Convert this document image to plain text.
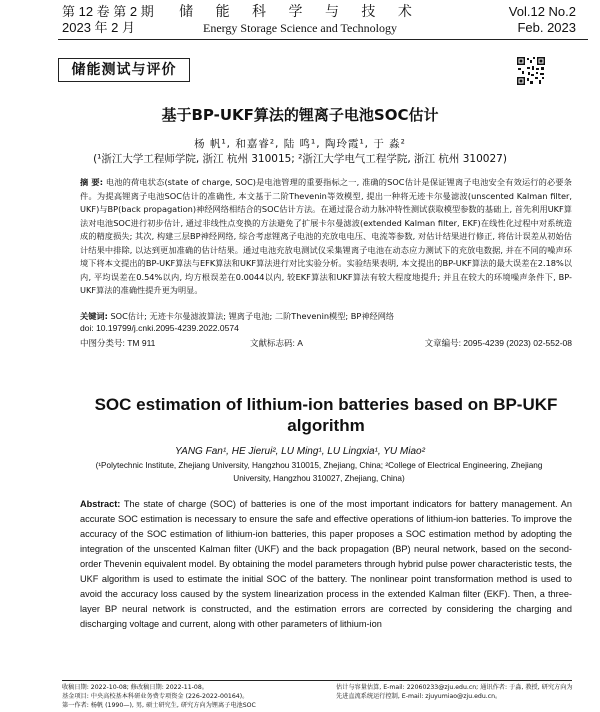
第 12 卷 第 2 期
2023 年 2 月
储 能 科 学 与 技 术
Energy Storage Science and Technology
Vol.12 No.2
Feb. 2023
储能测试与评价
基于BP-UKF算法的锂离子电池SOC估计
杨 帆¹, 和嘉睿², 陆 鸣¹, 陶玲霞¹, 于 淼²
(¹浙江大学工程师学院, 浙江 杭州 310015; ²浙江大学电气工程学院, 浙江 杭州 310027)
摘 要: 电池的荷电状态(state of charge, SOC)是电池管理的重要指标之一, 准确的SOC估计是保证锂离子电池安全有效运行的必要条件。为提高锂离子电池SOC估计的准确性, 本文基于二阶Thevenin等效模型, 提出一种将无迹卡尔曼滤波(unscented Kalman filter, UKF)与BP(back propagation)神经网络相结合的SOC估计方法。在通过混合动力脉冲特性测试获取模型参数的基础上, 首先利用UKF算法对电池SOC进行初步估计, 通过非线性点变换的方法避免了扩展卡尔曼滤波(extended Kalman filter, EKF)在线性化过程中对系统造成的精度损失; 其次, 构建三层BP神经网络, 综合考虑锂离子电池的充放电电压、电流等参数, 对估计结果进行修正, 将估计误差从初始估计结果中排除, 以达到更加准确的估计结果。通过电池充放电测试仪采集锂离子电池在动态应力测试下的充放电数据, 并在不同的噪声环境下将本文提出的BP-UKF算法与EFK算法和UKF算法进行对比实验分析。实验结果表明, 本文提出的BP-UKF算法的最大误差在2.18%以内, 平均误差在0.54%以内, 均方根误差在0.0044以内, 较EKF算法和UKF算法有较大程度地提升; 并且在较大的环境噪声条件下, BP-UKF算法的准确性提升更为明显。
关键词: SOC估计; 无迹卡尔曼滤波算法; 锂离子电池; 二阶Thevenin模型; BP神经网络
doi: 10.19799/j.cnki.2095-4239.2022.0574
中图分类号: TM 911	文献标志码: A	文章编号: 2095-4239 (2023) 02-552-08
SOC estimation of lithium-ion batteries based on BP-UKF algorithm
YANG Fan¹, HE Jierui², LU Ming¹, LU Lingxia¹, YU Miao²
(¹Polytechnic Institute, Zhejiang University, Hangzhou 310015, Zhejiang, China; ²College of Electrical Engineering, Zhejiang University, Hangzhou 310027, Zhejiang, China)
Abstract: The state of charge (SOC) of batteries is one of the most important indicators for battery management. An accurate SOC estimation is necessary to ensure the safe and effective operations of lithium-ion batteries. To improve the accuracy of the SOC estimation of lithium-ion batteries, this paper proposes a SOC estimation method by adopting the integration of the unscented Kalman filter (UKF) and the back propagation (BP) neural network, based on the second-order Thevenin equivalent model. By obtaining the model parameters through hybrid pulse power characteristic tests, the UKF algorithm is used to estimate the initial SOC of the battery. The nonlinear point transformation method is used to avoid the accuracy loss caused by the system linearization process in the extended Kalman filter (EKF). Then, a three-layer BP neural network is constructed, and the estimation errors are corrected by considering the charging and discharging voltage and current, along with other parameters of lithium-ion
收稿日期: 2022-10-08; 修改稿日期: 2022-11-08。
基金项目: 中央高校基本科研业务费专项资金 (226-2022-00164)。
第一作者: 杨帆 (1990—), 男, 硕士研究生, 研究方向为锂离子电池SOC
估计与容量估算, E-mail: 22060233@zju.edu.cn; 通讯作者: 于淼, 教授, 研究方向为先进直流系统运行控制, E-mail: zjuyumiao@zju.edu.cn。
